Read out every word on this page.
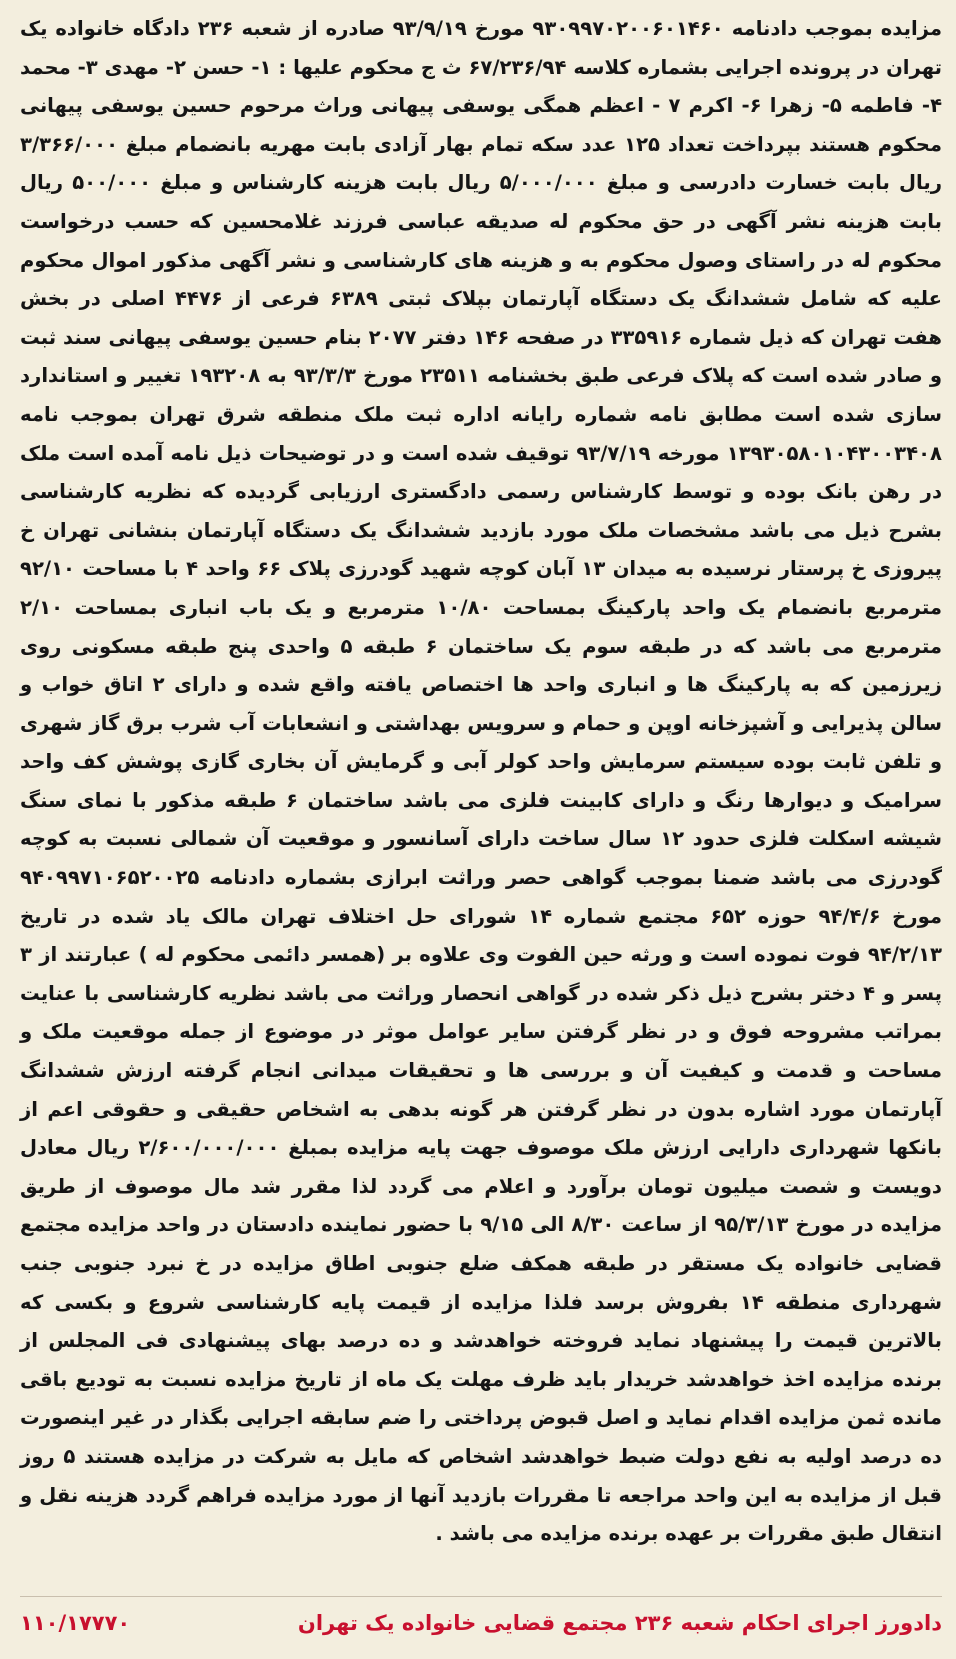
مزایده بموجب دادنامه ۹۳۰۹۹۷۰۲۰۰۶۰۱۴۶۰ مورخ ۹۳/۹/۱۹ صادره از شعبه ۲۳۶ دادگاه خانواده یک تهران در پرونده اجرایی بشماره کلاسه ۶۷/۲۳۶/۹۴ ث ج محکوم علیها : ۱- حسن ۲- مهدی ۳- محمد ۴- فاطمه ۵- زهرا ۶- اکرم ۷ - اعظم همگی یوسفی پیهانی وراث مرحوم حسین یوسفی پیهانی محکوم هستند بپرداخت تعداد ۱۲۵ عدد سکه تمام بهار آزادی بابت مهریه بانضمام مبلغ ۳/۳۶۶/۰۰۰ ریال بابت خسارت دادرسی و مبلغ ۵/۰۰۰/۰۰۰ ریال بابت هزینه کارشناس و مبلغ ۵۰۰/۰۰۰ ریال بابت هزینه نشر آگهی در حق محکوم له صدیقه عباسی فرزند غلامحسین که حسب درخواست محکوم له در راستای وصول محکوم به و هزینه های کارشناسی و نشر آگهی مذکور اموال محکوم علیه که شامل ششدانگ یک دستگاه آپارتمان بپلاک ثبتی ۶۳۸۹ فرعی از ۴۴۷۶ اصلی در بخش هفت تهران که ذیل شماره ۳۳۵۹۱۶ در صفحه ۱۴۶ دفتر ۲۰۷۷ بنام حسین یوسفی پیهانی سند ثبت و صادر شده است که پلاک فرعی طبق بخشنامه ۲۳۵۱۱ مورخ ۹۳/۳/۳ به ۱۹۳۲۰۸ تغییر و استاندارد سازی شده است مطابق نامه شماره رایانه اداره ثبت ملک منطقه شرق تهران بموجب نامه ۱۳۹۳۰۵۸۰۱۰۴۳۰۰۳۴۰۸ مورخه ۹۳/۷/۱۹ توقیف شده است و در توضیحات ذیل نامه آمده است ملک در رهن بانک بوده و توسط کارشناس رسمی دادگستری ارزیابی گردیده که نظریه کارشناسی بشرح ذیل می باشد مشخصات ملک مورد بازدید ششدانگ یک دستگاه آپارتمان بنشانی تهران خ پیروزی خ پرستار نرسیده به میدان ۱۳ آبان کوچه شهید گودرزی پلاک ۶۶ واحد ۴ با مساحت ۹۲/۱۰ مترمربع بانضمام یک واحد پارکینگ بمساحت ۱۰/۸۰ مترمربع و یک باب انباری بمساحت ۲/۱۰ مترمربع می باشد که در طبقه سوم یک ساختمان ۶ طبقه ۵ واحدی پنج طبقه مسکونی روی زیرزمین که به پارکینگ ها و انباری واحد ها اختصاص یافته واقع شده و دارای ۲ اتاق خواب و سالن پذیرایی و آشپزخانه اوپن و حمام و سرویس بهداشتی و انشعابات آب شرب برق گاز شهری و تلفن ثابت بوده سیستم سرمایش واحد کولر آبی و گرمایش آن بخاری گازی پوشش کف واحد سرامیک و دیوارها رنگ و دارای کابینت فلزی می باشد ساختمان ۶ طبقه مذکور با نمای سنگ شیشه اسکلت فلزی حدود ۱۲ سال ساخت دارای آسانسور و موقعیت آن شمالی نسبت به کوچه گودرزی می باشد ضمنا بموجب گواهی حصر وراثت ابرازی بشماره دادنامه ۹۴۰۹۹۷۱۰۶۵۲۰۰۲۵ مورخ ۹۴/۴/۶ حوزه ۶۵۲ مجتمع شماره ۱۴ شورای حل اختلاف تهران مالک یاد شده در تاریخ ۹۴/۲/۱۳ فوت نموده است و ورثه حین الفوت وی علاوه بر (همسر دائمی محکوم له ) عبارتند از ۳ پسر و ۴ دختر بشرح ذیل ذکر شده در گواهی انحصار وراثت می باشد نظریه کارشناسی با عنایت بمراتب مشروحه فوق و در نظر گرفتن سایر عوامل موثر در موضوع از جمله موقعیت ملک و مساحت و قدمت و کیفیت آن و بررسی ها و تحقیقات میدانی انجام گرفته ارزش ششدانگ آپارتمان مورد اشاره بدون در نظر گرفتن هر گونه بدهی به اشخاص حقیقی و حقوقی اعم از بانکها شهرداری دارایی ارزش ملک موصوف جهت پایه مزایده بمبلغ ۲/۶۰۰/۰۰۰/۰۰۰ ریال معادل دویست و شصت میلیون تومان برآورد و اعلام می گردد لذا مقرر شد مال موصوف از طریق مزایده در مورخ ۹۵/۳/۱۳ از ساعت ۸/۳۰ الی ۹/۱۵ با حضور نماینده دادستان در واحد مزایده مجتمع قضایی خانواده یک مستقر در طبقه همکف ضلع جنوبی اطاق مزایده در خ نبرد جنوبی جنب شهرداری منطقه ۱۴ بفروش برسد فلذا مزایده از قیمت پایه کارشناسی شروع و بکسی که بالاترین قیمت را پیشنهاد نماید فروخته خواهدشد و ده درصد بهای پیشنهادی فی المجلس از برنده مزایده اخذ خواهدشد خریدار باید ظرف مهلت یک ماه از تاریخ مزایده نسبت به تودیع باقی مانده ثمن مزایده اقدام نماید و اصل قبوض پرداختی را ضم سابقه اجرایی بگذار در غیر اینصورت ده درصد اولیه به نفع دولت ضبط خواهدشد اشخاص که مایل به شرکت در مزایده هستند ۵ روز قبل از مزایده به این واحد مراجعه تا مقررات بازدید آنها از مورد مزایده فراهم گردد هزینه نقل و انتقال طبق مقررات بر عهده برنده مزایده می باشد .

دادورز اجرای احکام شعبه ۲۳۶ مجتمع قضایی خانواده یک تهران
۱۱۰/۱۷۷۷۰
